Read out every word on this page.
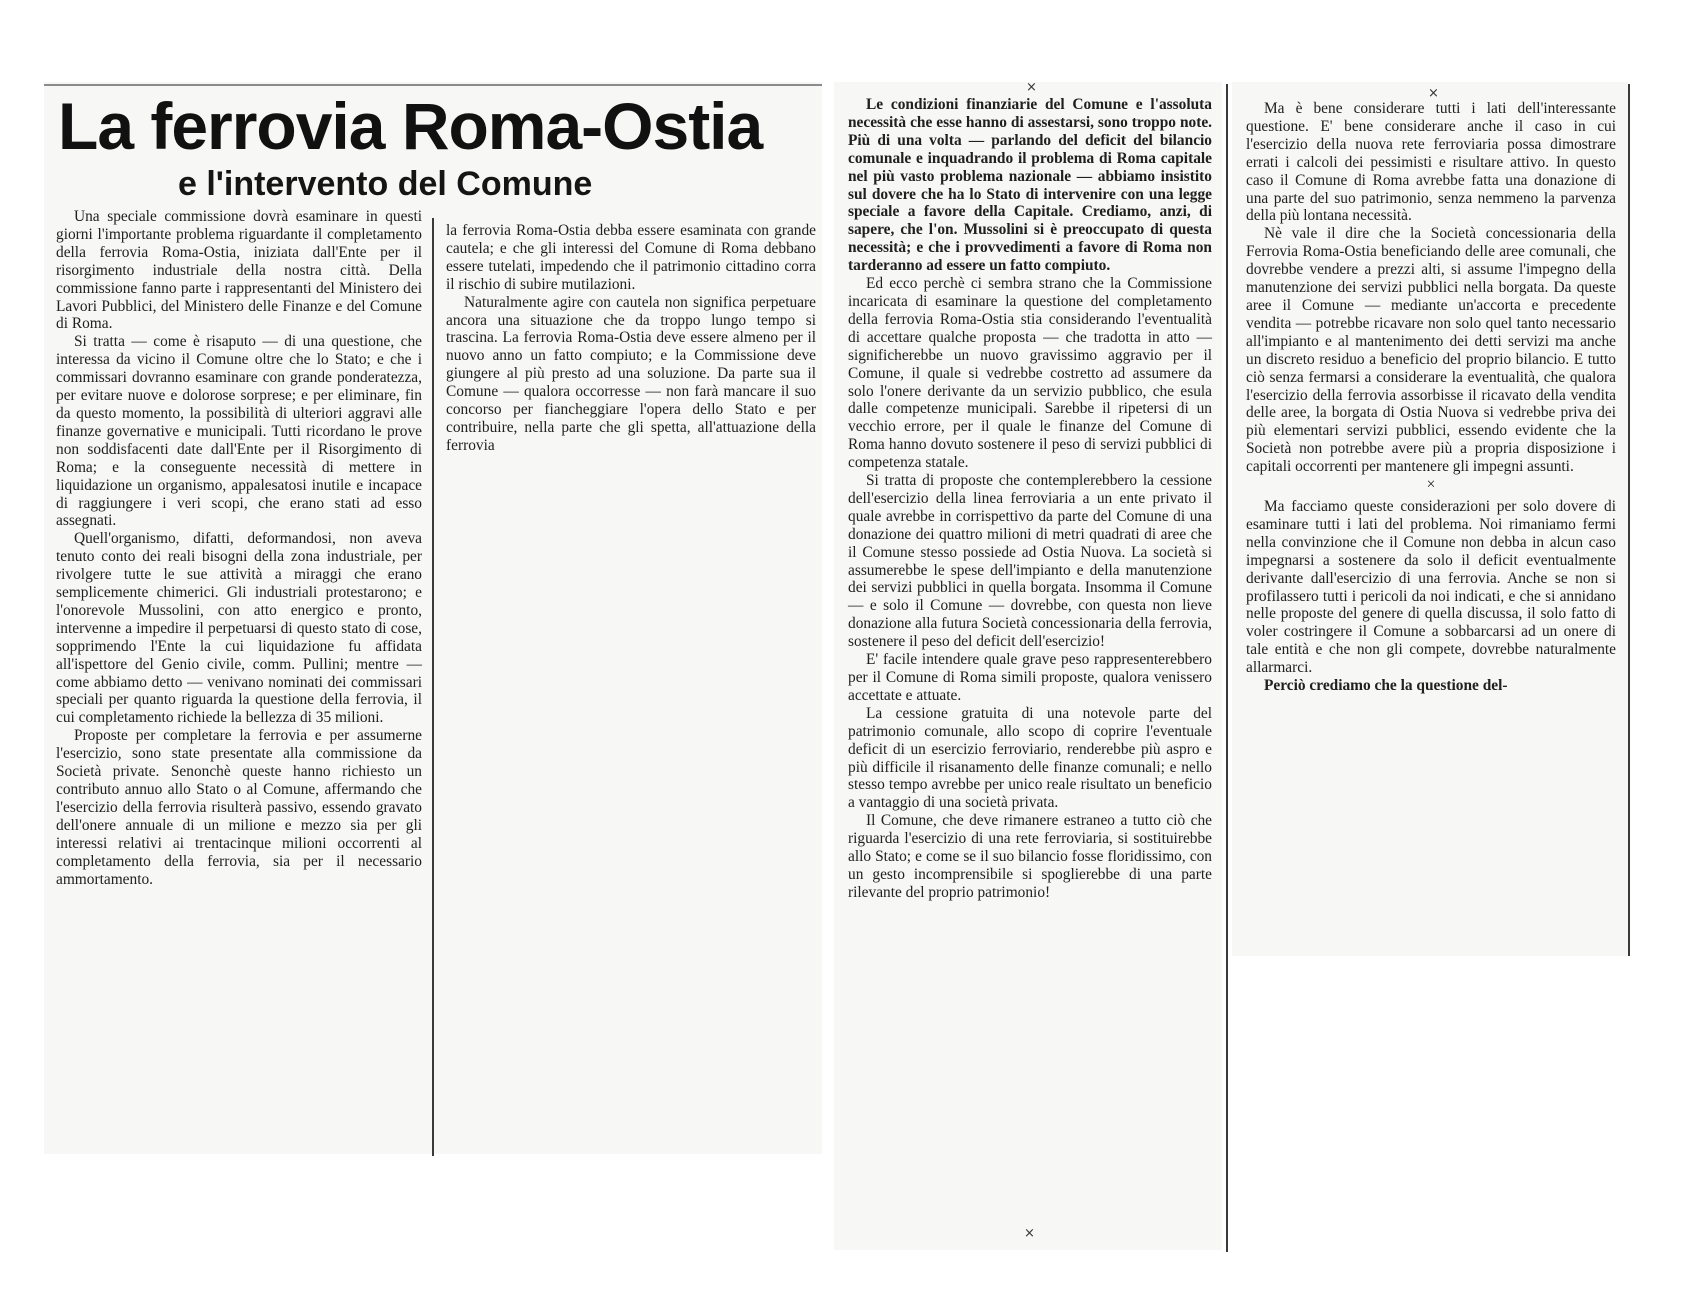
La ferrovia Roma-Ostia
e l'intervento del Comune
×
×
×

Una speciale commissione dovrà esaminare in questi giorni l'importante problema riguardante il completamento della ferrovia Roma-Ostia, iniziata dall'Ente per il risorgimento industriale della nostra città. Della commissione fanno parte i rappresentanti del Ministero dei Lavori Pubblici, del Ministero delle Finanze e del Comune di Roma.

Si tratta — come è risaputo — di una questione, che interessa da vicino il Comune oltre che lo Stato; e che i commissari dovranno esaminare con grande ponderatezza, per evitare nuove e dolorose sorprese; e per eliminare, fin da questo momento, la possibilità di ulteriori aggravi alle finanze governative e municipali. Tutti ricordano le prove non soddisfacenti date dall'Ente per il Risorgimento di Roma; e la conseguente necessità di mettere in liquidazione un organismo, appalesatosi inutile e incapace di raggiungere i veri scopi, che erano stati ad esso assegnati.

Quell'organismo, difatti, deformandosi, non aveva tenuto conto dei reali bisogni della zona industriale, per rivolgere tutte le sue attività a miraggi che erano semplicemente chimerici. Gli industriali protestarono; e l'onorevole Mussolini, con atto energico e pronto, intervenne a impedire il perpetuarsi di questo stato di cose, sopprimendo l'Ente la cui liquidazione fu affidata all'ispettore del Genio civile, comm. Pullini; mentre — come abbiamo detto — venivano nominati dei commissari speciali per quanto riguarda la questione della ferrovia, il cui completamento richiede la bellezza di 35 milioni.

Proposte per completare la ferrovia e per assumerne l'esercizio, sono state presentate alla commissione da Società private. Senonchè queste hanno richiesto un contributo annuo allo Stato o al Comune, affermando che l'esercizio della ferrovia risulterà passivo, essendo gravato dell'onere annuale di un milione e mezzo sia per gli interessi relativi ai trentacinque milioni occorrenti al completamento della ferrovia, sia per il necessario ammortamento.

la ferrovia Roma-Ostia debba essere esaminata con grande cautela; e che gli interessi del Comune di Roma debbano essere tutelati, impedendo che il patrimonio cittadino corra il rischio di subire mutilazioni.

Naturalmente agire con cautela non significa perpetuare ancora una situazione che da troppo lungo tempo si trascina. La ferrovia Roma-Ostia deve essere almeno per il nuovo anno un fatto compiuto; e la Commissione deve giungere al più presto ad una soluzione. Da parte sua il Comune — qualora occorresse — non farà mancare il suo concorso per fiancheggiare l'opera dello Stato e per contribuire, nella parte che gli spetta, all'attuazione della ferrovia

Le condizioni finanziarie del Comune e l'assoluta necessità che esse hanno di assestarsi, sono troppo note. Più di una volta — parlando del deficit del bilancio comunale e inquadrando il problema di Roma capitale nel più vasto problema nazionale — abbiamo insistito sul dovere che ha lo Stato di intervenire con una legge speciale a favore della Capitale. Crediamo, anzi, di sapere, che l'on. Mussolini si è preoccupato di questa necessità; e che i provvedimenti a favore di Roma non tarderanno ad essere un fatto compiuto.

Ed ecco perchè ci sembra strano che la Commissione incaricata di esaminare la questione del completamento della ferrovia Roma-Ostia stia considerando l'eventualità di accettare qualche proposta — che tradotta in atto — significherebbe un nuovo gravissimo aggravio per il Comune, il quale si vedrebbe costretto ad assumere da solo l'onere derivante da un servizio pubblico, che esula dalle competenze municipali. Sarebbe il ripetersi di un vecchio errore, per il quale le finanze del Comune di Roma hanno dovuto sostenere il peso di servizi pubblici di competenza statale.

Si tratta di proposte che contemplerebbero la cessione dell'esercizio della linea ferroviaria a un ente privato il quale avrebbe in corrispettivo da parte del Comune di una donazione dei quattro milioni di metri quadrati di aree che il Comune stesso possiede ad Ostia Nuova. La società si assumerebbe le spese dell'impianto e della manutenzione dei servizi pubblici in quella borgata. Insomma il Comune — e solo il Comune — dovrebbe, con questa non lieve donazione alla futura Società concessionaria della ferrovia, sostenere il peso del deficit dell'esercizio!

E' facile intendere quale grave peso rappresenterebbero per il Comune di Roma simili proposte, qualora venissero accettate e attuate.

La cessione gratuita di una notevole parte del patrimonio comunale, allo scopo di coprire l'eventuale deficit di un esercizio ferroviario, renderebbe più aspro e più difficile il risanamento delle finanze comunali; e nello stesso tempo avrebbe per unico reale risultato un beneficio a vantaggio di una società privata.

Il Comune, che deve rimanere estraneo a tutto ciò che riguarda l'esercizio di una rete ferroviaria, si sostituirebbe allo Stato; e come se il suo bilancio fosse floridissimo, con un gesto incomprensibile si spoglierebbe di una parte rilevante del proprio patrimonio!

Ma è bene considerare tutti i lati dell'interessante questione. E' bene considerare anche il caso in cui l'esercizio della nuova rete ferroviaria possa dimostrare errati i calcoli dei pessimisti e risultare attivo. In questo caso il Comune di Roma avrebbe fatta una donazione di una parte del suo patrimonio, senza nemmeno la parvenza della più lontana necessità.

Nè vale il dire che la Società concessionaria della Ferrovia Roma-Ostia beneficiando delle aree comunali, che dovrebbe vendere a prezzi alti, si assume l'impegno della manutenzione dei servizi pubblici nella borgata. Da queste aree il Comune — mediante un'accorta e precedente vendita — potrebbe ricavare non solo quel tanto necessario all'impianto e al mantenimento dei detti servizi ma anche un discreto residuo a beneficio del proprio bilancio. E tutto ciò senza fermarsi a considerare la eventualità, che qualora l'esercizio della ferrovia assorbisse il ricavato della vendita delle aree, la borgata di Ostia Nuova si vedrebbe priva dei più elementari servizi pubblici, essendo evidente che la Società non potrebbe avere più a propria disposizione i capitali occorrenti per mantenere gli impegni assunti.

×

Ma facciamo queste considerazioni per solo dovere di esaminare tutti i lati del problema. Noi rimaniamo fermi nella convinzione che il Comune non debba in alcun caso impegnarsi a sostenere da solo il deficit eventualmente derivante dall'esercizio di una ferrovia. Anche se non si profilassero tutti i pericoli da noi indicati, e che si annidano nelle proposte del genere di quella discussa, il solo fatto di voler costringere il Comune a sobbarcarsi ad un onere di tale entità e che non gli compete, dovrebbe naturalmente allarmarci.

Perciò crediamo che la questione del-
